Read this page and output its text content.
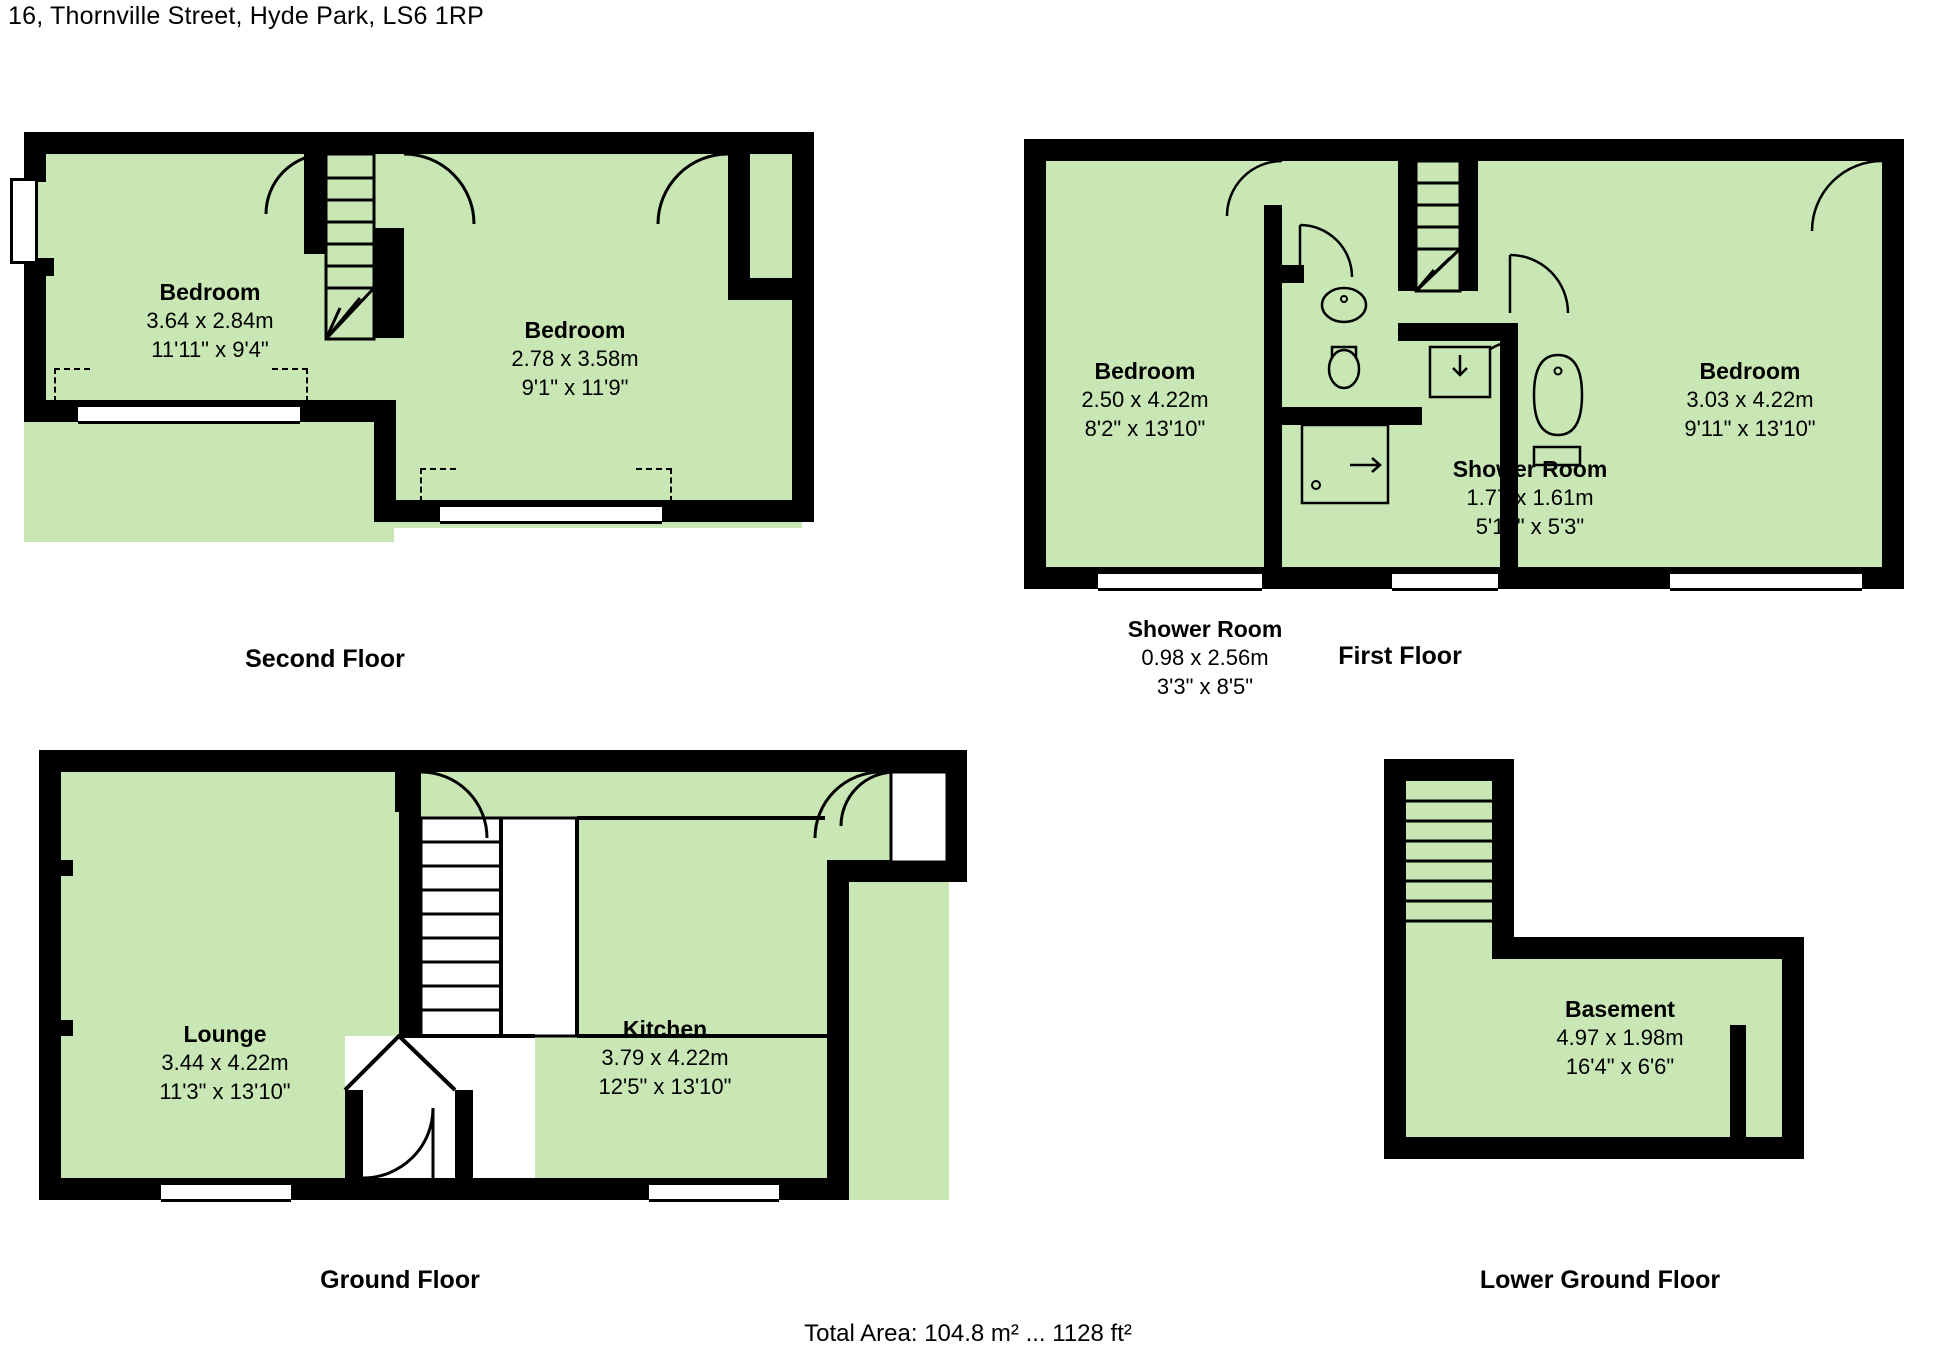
16, Thornville Street, Hyde Park, LS6 1RP
Bedroom
3.64 x 2.84m
11'11" x 9'4"
Bedroom
2.78 x 3.58m
9'1" x 11'9"
Second Floor
Bedroom
2.50 x 4.22m
8'2" x 13'10"
Shower Room
1.77 x 1.61m
5'10" x 5'3"
Bedroom
3.03 x 4.22m
9'11" x 13'10"
Shower Room
0.98 x 2.56m
3'3" x 8'5"
First Floor
Lounge
3.44 x 4.22m
11'3" x 13'10"
Kitchen
3.79 x 4.22m
12'5" x 13'10"
Ground Floor
Basement
4.97 x 1.98m
16'4" x 6'6"
Lower Ground Floor
Total Area: 104.8 m² ... 1128 ft²
